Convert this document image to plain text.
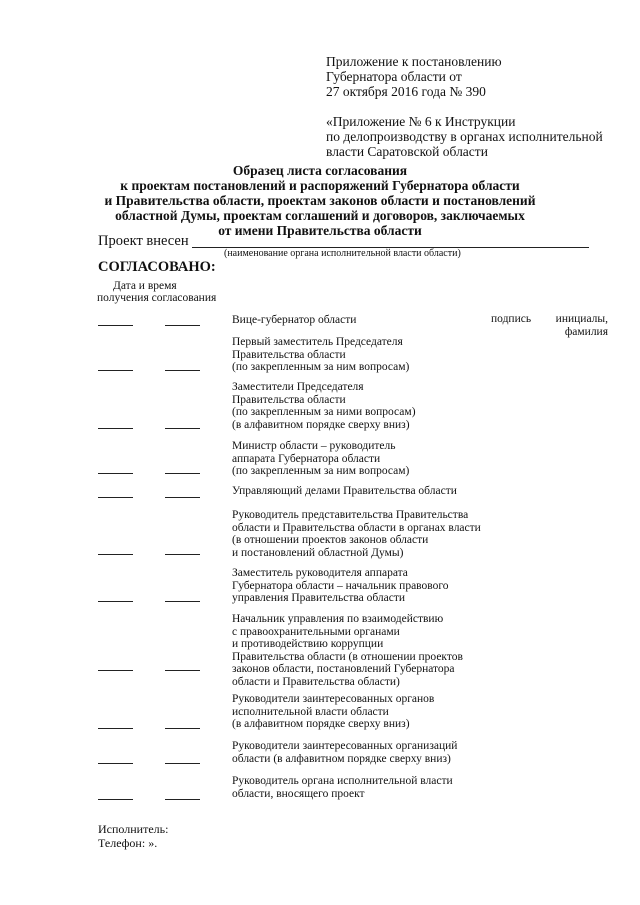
Приложение к постановлению
Губернатора области от
27 октября 2016 года № 390
«Приложение № 6 к Инструкции
по делопроизводству в органах исполнительной
власти Саратовской области
Образец листа согласования
к проектам постановлений и распоряжений Губернатора области
и Правительства области, проектам законов области и постановлений
областной Думы, проектам соглашений и договоров, заключаемых
от имени Правительства области
Проект внесен
(наименование органа исполнительной власти области)
СОГЛАСОВАНО:
Дата и время
получения согласования
подпись	инициалы,
фамилия
Вице-губернатор области
Первый заместитель Председателя
Правительства области
(по закрепленным за ним вопросам)
Заместители Председателя
Правительства области
(по закрепленным за ними вопросам)
(в алфавитном порядке сверху вниз)
Министр области – руководитель
аппарата Губернатора области
(по закрепленным за ним вопросам)
Управляющий делами Правительства области
Руководитель представительства Правительства
области и Правительства области в органах власти
(в отношении проектов законов области
и постановлений областной Думы)
Заместитель руководителя аппарата
Губернатора области – начальник правового
управления Правительства области
Начальник управления по взаимодействию
с правоохранительными органами
и противодействию коррупции
Правительства области (в отношении проектов
законов области, постановлений Губернатора
области и Правительства области)
Руководители заинтересованных органов
исполнительной власти области
(в алфавитном порядке сверху вниз)
Руководители заинтересованных организаций
области (в алфавитном порядке сверху вниз)
Руководитель органа исполнительной власти
области, вносящего проект
Исполнитель:
Телефон: ».
